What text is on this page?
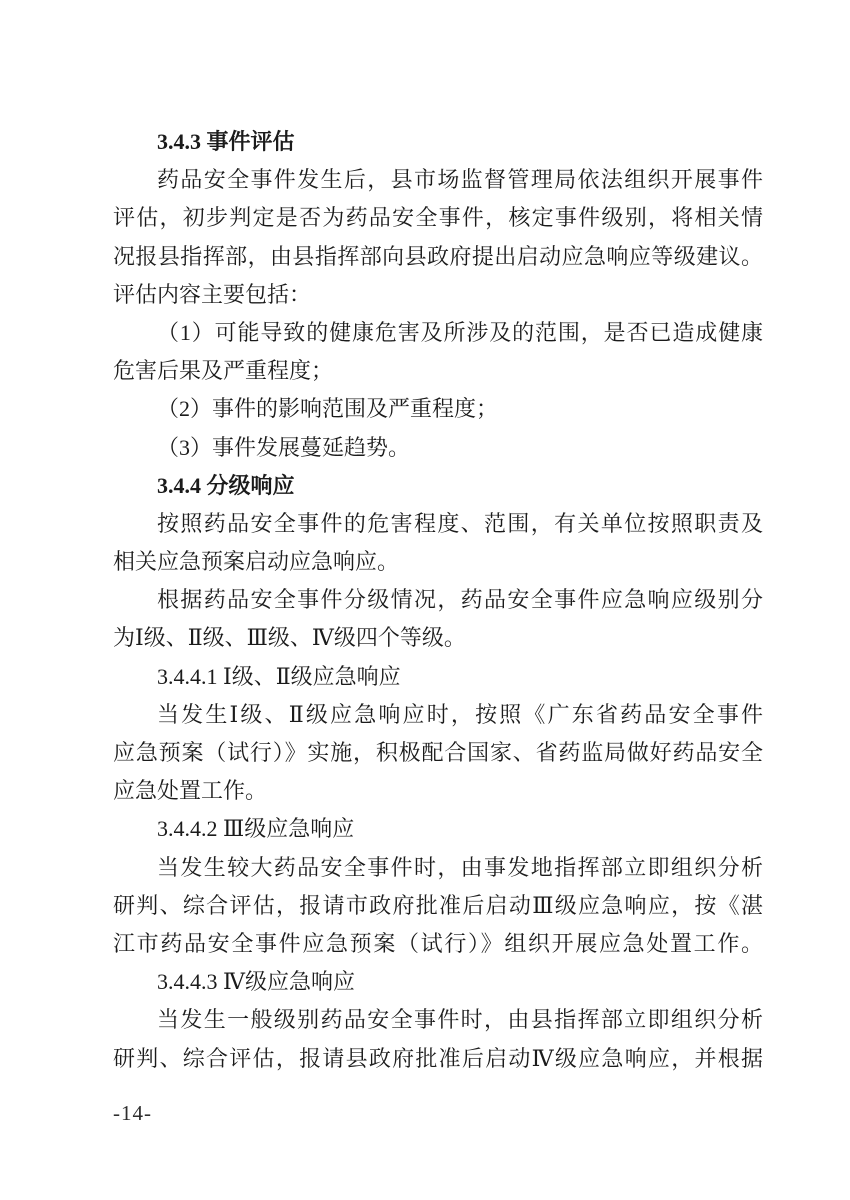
3.4.3 事件评估
药品安全事件发生后，县市场监督管理局依法组织开展事件
评估，初步判定是否为药品安全事件，核定事件级别，将相关情
况报县指挥部，由县指挥部向县政府提出启动应急响应等级建议。
评估内容主要包括：
（1）可能导致的健康危害及所涉及的范围，是否已造成健康
危害后果及严重程度；
（2）事件的影响范围及严重程度；
（3）事件发展蔓延趋势。
3.4.4 分级响应
按照药品安全事件的危害程度、范围，有关单位按照职责及
相关应急预案启动应急响应。
根据药品安全事件分级情况，药品安全事件应急响应级别分
为Ⅰ级、Ⅱ级、Ⅲ级、Ⅳ级四个等级。
3.4.4.1 Ⅰ级、Ⅱ级应急响应
当发生Ⅰ级、Ⅱ级应急响应时，按照《广东省药品安全事件
应急预案（试行）》实施，积极配合国家、省药监局做好药品安全
应急处置工作。
3.4.4.2 Ⅲ级应急响应
当发生较大药品安全事件时，由事发地指挥部立即组织分析
研判、综合评估，报请市政府批准后启动Ⅲ级应急响应，按《湛
江市药品安全事件应急预案（试行）》组织开展应急处置工作。
3.4.4.3 Ⅳ级应急响应
当发生一般级别药品安全事件时，由县指挥部立即组织分析
研判、综合评估，报请县政府批准后启动Ⅳ级应急响应，并根据
-14-
